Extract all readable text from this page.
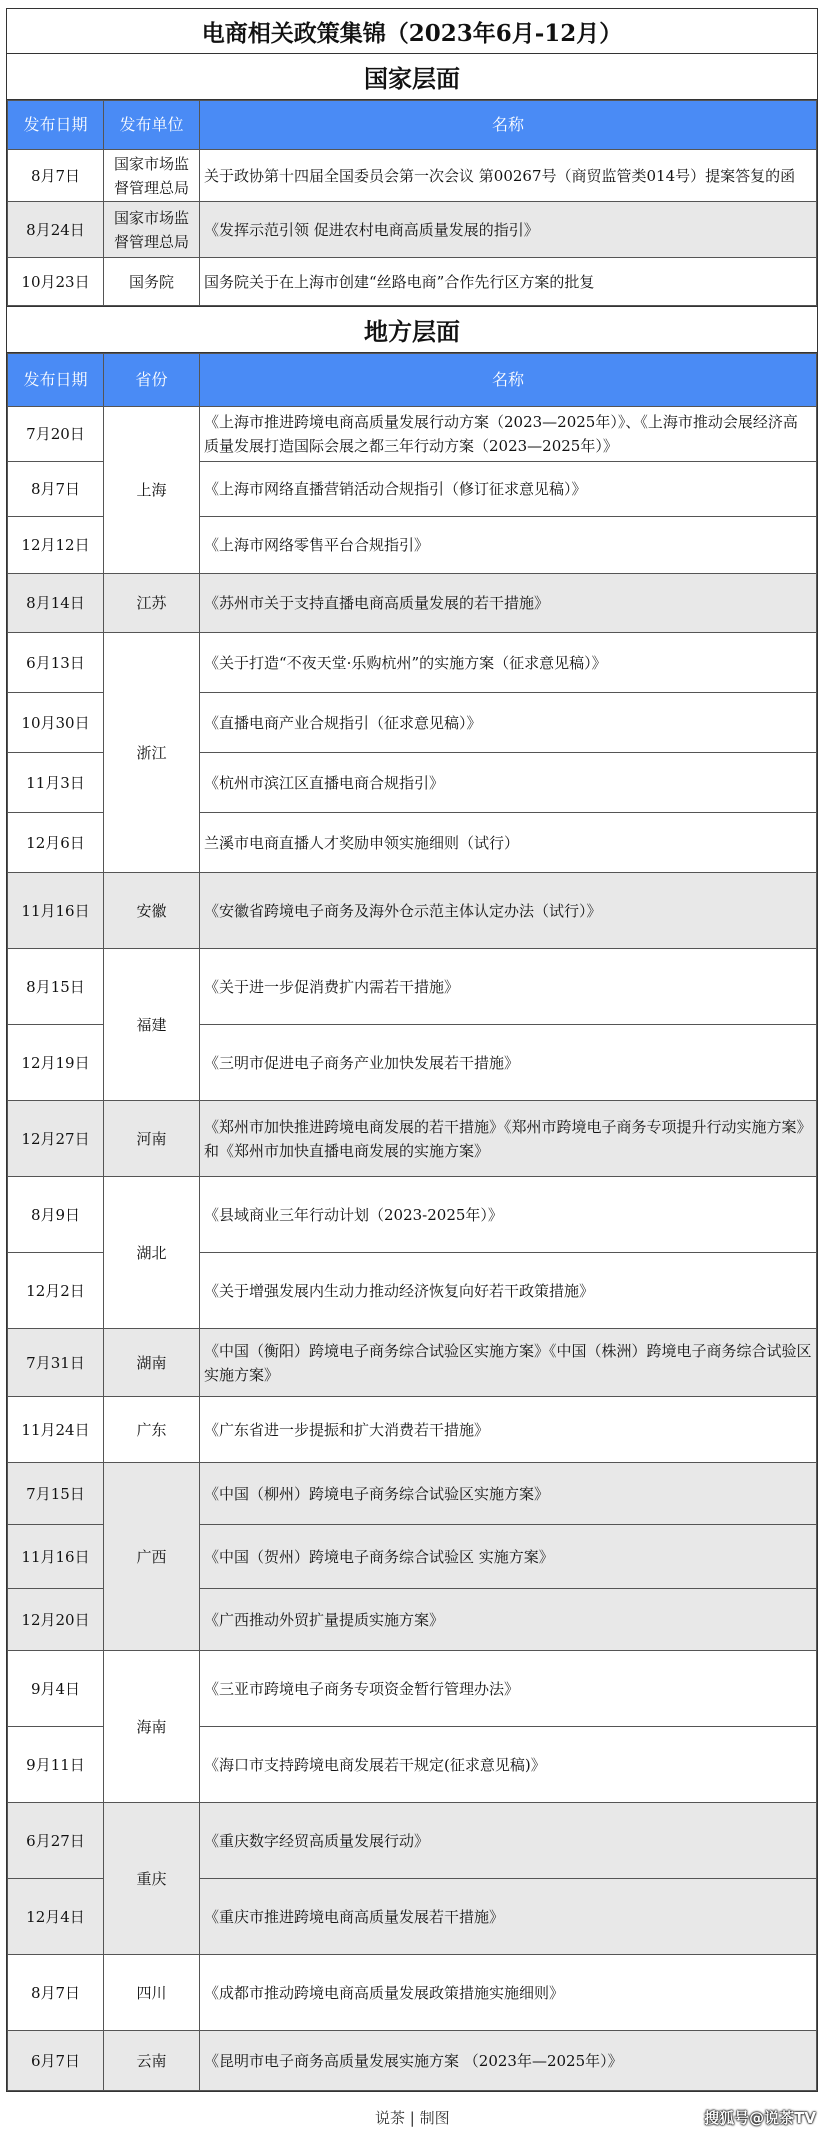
电商相关政策集锦（2023年6月-12月）
国家层面
发布日期	发布单位	名称
8月7日	国家市场监督管理总局	关于政协第十四届全国委员会第一次会议 第00267号（商贸监管类014号）提案答复的函
8月24日	国家市场监督管理总局	《发挥示范引领 促进农村电商高质量发展的指引》
10月23日	国务院	国务院关于在上海市创建“丝路电商”合作先行区方案的批复
地方层面
发布日期	省份	名称
7月20日	上海	《上海市推进跨境电商高质量发展行动方案（2023—2025年）》、《上海市推动会展经济高质量发展打造国际会展之都三年行动方案（2023—2025年）》
8月7日		《上海市网络直播营销活动合规指引（修订征求意见稿）》
12月12日		《上海市网络零售平台合规指引》
8月14日	江苏	《苏州市关于支持直播电商高质量发展的若干措施》
6月13日	浙江	《关于打造“不夜天堂·乐购杭州”的实施方案（征求意见稿）》
10月30日		《直播电商产业合规指引（征求意见稿）》
11月3日		《杭州市滨江区直播电商合规指引》
12月6日		兰溪市电商直播人才奖励申领实施细则（试行）
11月16日	安徽	《安徽省跨境电子商务及海外仓示范主体认定办法（试行）》
8月15日	福建	《关于进一步促消费扩内需若干措施》
12月19日		《三明市促进电子商务产业加快发展若干措施》
12月27日	河南	《郑州市加快推进跨境电商发展的若干措施》《郑州市跨境电子商务专项提升行动实施方案》和《郑州市加快直播电商发展的实施方案》
8月9日	湖北	《县域商业三年行动计划（2023-2025年）》
12月2日		《关于增强发展内生动力推动经济恢复向好若干政策措施》
7月31日	湖南	《中国（衡阳）跨境电子商务综合试验区实施方案》《中国（株洲）跨境电子商务综合试验区实施方案》
11月24日	广东	《广东省进一步提振和扩大消费若干措施》
7月15日	广西	《中国（柳州）跨境电子商务综合试验区实施方案》
11月16日		《中国（贺州）跨境电子商务综合试验区 实施方案》
12月20日		《广西推动外贸扩量提质实施方案》
9月4日	海南	《三亚市跨境电子商务专项资金暂行管理办法》
9月11日		《海口市支持跨境电商发展若干规定(征求意见稿)》
6月27日	重庆	《重庆数字经贸高质量发展行动》
12月4日		《重庆市推进跨境电商高质量发展若干措施》
8月7日	四川	《成都市推动跨境电商高质量发展政策措施实施细则》
6月7日	云南	《昆明市电子商务高质量发展实施方案 （2023年—2025年）》
说茶 | 制图	搜狐号@说茶TV
